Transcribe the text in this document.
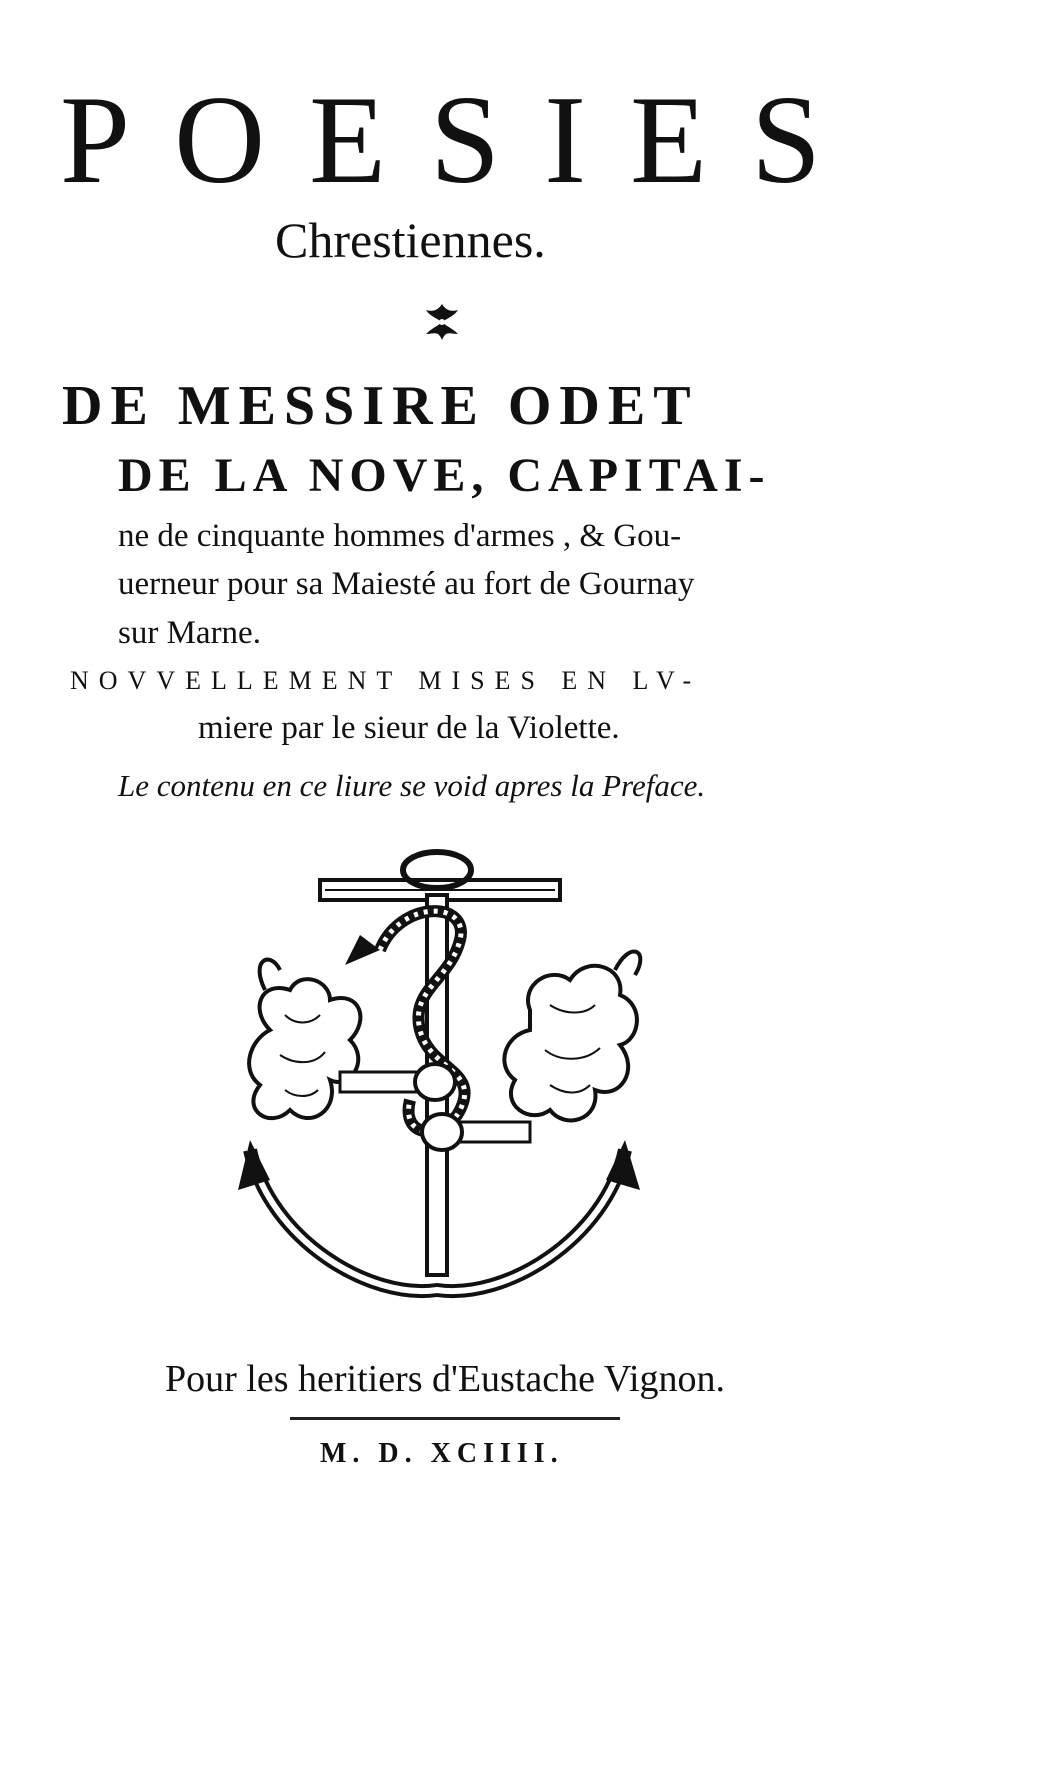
POESIES
Chrestiennes.
DE MESSIRE ODET
DE LA NOVE, CAPITAI-
ne de cinquante hommes d'armes , & Gou-
uerneur pour sa Maiesté au fort de Gournay
sur Marne.
NOVVELLEMENT MISES EN LV-
miere par le sieur de la Violette.
Le contenu en ce liure se void apres la Preface.
Pour les heritiers d'Eustache Vignon.
M. D. XCIIII.
